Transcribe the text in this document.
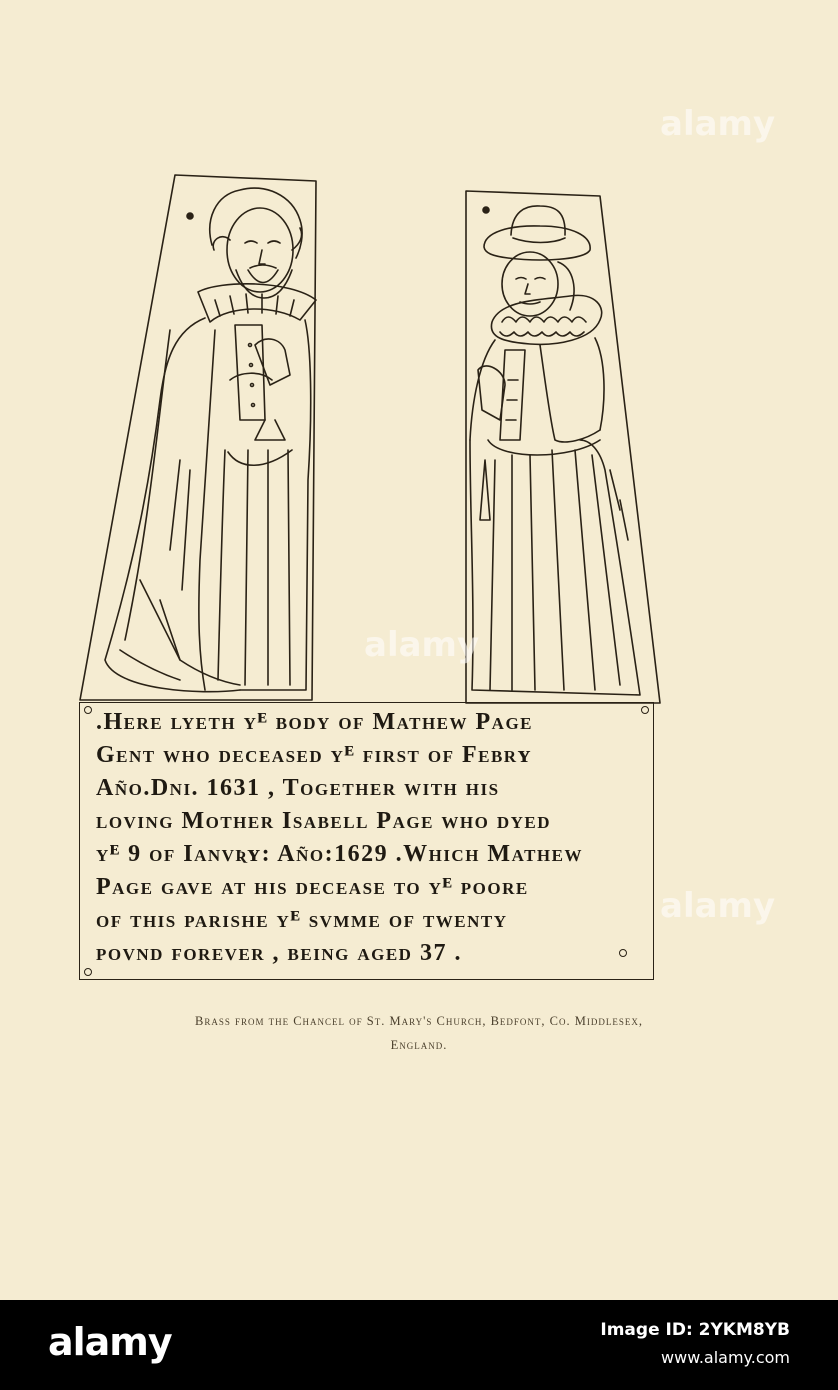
.Here lyeth yᴱ body of Mathew Page
Gent who deceased yᴱ first of Febrʏ
Año.Dni. 1631 , Together with his
loving Mother Isabell Page who dyed
yᴱ 9 of Ianvʀʏ: Año:1629 .Which Mathew
Page gave at his decease to yᴱ poore
of this parishe yᴱ svmme of twenty
povnd forever , being aged 37 .
Brass from the Chancel of St. Mary's Church, Bedfont, Co. Middlesex,
England.
alamy
alamy
alamy
alamy	Image ID: 2YKM8YB
www.alamy.com
